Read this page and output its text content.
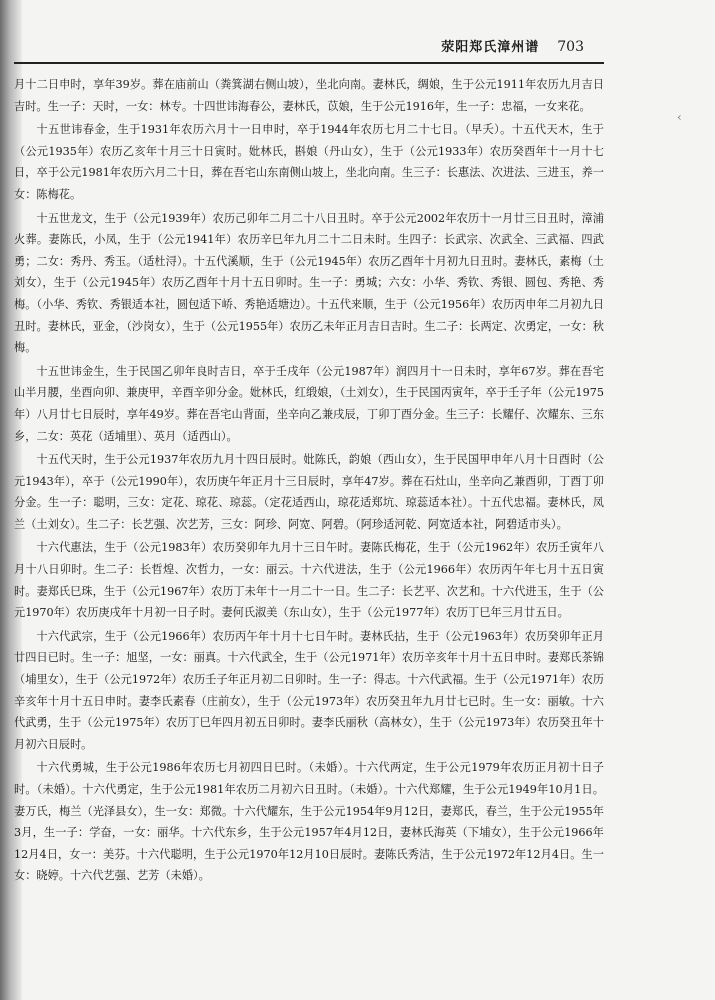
‹
荥阳郑氏漳州谱 703

月十二日申时，享年39岁。葬在庙前山（粪箕湖右侧山坡），坐北向南。妻林氏，绸娘，生于公元1911年农历九月吉日吉时。生一子：天时，一女：林专。十四世讳海春公，妻林氏，苡娘，生于公元1916年，生一子：忠福，一女来花。

十五世讳春金，生于1931年农历六月十一日申时，卒于1944年农历七月二十七日。（早夭）。十五代天木，生于（公元1935年）农历乙亥年十月三十日寅时。妣林氏，斟娘（丹山女），生于（公元1933年）农历癸酉年十一月十七日，卒于公元1981年农历六月二十日，葬在吾宅山东南侧山坡上，坐北向南。生三子：长惠法、次进法、三进玉，养一女：陈梅花。

十五世龙文，生于（公元1939年）农历己卯年二月二十八日丑时。卒于公元2002年农历十一月廿三日丑时，漳浦火葬。妻陈氏，小凤，生于（公元1941年）农历辛巳年九月二十二日未时。生四子：长武宗、次武全、三武福、四武勇；二女：秀丹、秀玉。（适杜浔）。十五代溪顺，生于（公元1945年）农历乙酉年十月初九日丑时。妻林氏，素梅（土刘女），生于（公元1945年）农历乙酉年十月十五日卯时。生一子：勇城；六女：小华、秀钦、秀银、圆包、秀艳、秀梅。（小华、秀钦、秀银适本社，圆包适下峤、秀艳适塘边）。十五代来顺，生于（公元1956年）农历丙申年二月初九日丑时。妻林氏，亚金，（沙岗女），生于（公元1955年）农历乙未年正月吉日吉时。生二子：长两定、次勇定，一女：秋梅。

十五世讳金生，生于民国乙卯年良时吉日，卒于壬戌年（公元1987年）润四月十一日未时，享年67岁。葬在吾宅山半月腰，坐酉向卯、兼庚甲，辛酉辛卯分金。妣林氏，红缎娘，（土刘女），生于民国丙寅年，卒于壬子年（公元1975年）八月廿七日辰时，享年49岁。葬在吾宅山背面，坐辛向乙兼戌辰，丁卯丁酉分金。生三子：长耀仔、次耀东、三东乡，二女：英花（适埔里）、英月（适西山）。

十五代天时，生于公元1937年农历九月十四日辰时。妣陈氏，韵娘（西山女），生于民国甲申年八月十日酉时（公元1943年），卒于（公元1990年），农历庚午年正月十三日辰时，享年47岁。葬在石灶山，坐辛向乙兼酉卯，丁酉丁卯分金。生一子：聪明，三女：定花、琼花、琼蕊。（定花适西山，琼花适郑坑、琼蕊适本社）。十五代忠福。妻林氏，凤兰（土刘女）。生二子：长艺强、次艺芳，三女：阿珍、阿宽、阿碧。（阿珍适河乾、阿宽适本社，阿碧适市头）。

十六代惠法，生于（公元1983年）农历癸卯年九月十三日午时。妻陈氏梅花，生于（公元1962年）农历壬寅年八月十八日卯时。生二子：长哲煌、次哲力，一女：丽云。十六代进法，生于（公元1966年）农历丙午年七月十五日寅时。妻郑氏巳珠，生于（公元1967年）农历丁未年十一月二十一日。生二子：长艺平、次艺和。十六代进玉，生于（公元1970年）农历庚戌年十月初一日子时。妻何氏淑美（东山女），生于（公元1977年）农历丁巳年三月廿五日。

十六代武宗，生于（公元1966年）农历丙午年十月十七日午时。妻林氏拈，生于（公元1963年）农历癸卯年正月廿四日已时。生一子：旭坚，一女：丽真。十六代武全，生于（公元1971年）农历辛亥年十月十五日申时。妻郑氏茶锦（埔里女），生于（公元1972年）农历壬子年正月初二日卯时。生一子：得志。十六代武福。生于（公元1971年）农历辛亥年十月十五日申时。妻李氏素春（庄前女），生于（公元1973年）农历癸丑年九月廿七已时。生一女：丽敏。十六代武勇，生于（公元1975年）农历丁巳年四月初五日卯时。妻李氏丽秋（高林女），生于（公元1973年）农历癸丑年十月初六日辰时。

十六代勇城，生于公元1986年农历七月初四日巳时。（未婚）。十六代两定，生于公元1979年农历正月初十日子时。（未婚）。十六代勇定，生于公元1981年农历二月初六日丑时。（未婚）。十六代郑耀，生于公元1949年10月1日。妻万氏，梅兰（光泽县女），生一女：郑微。十六代耀东，生于公元1954年9月12日，妻郑氏，春兰，生于公元1955年3月，生一子：学奋，一女：丽华。十六代东乡，生于公元1957年4月12日，妻林氏海英（下埔女），生于公元1966年12月4日，女一：美芬。十六代聪明，生于公元1970年12月10日辰时。妻陈氏秀洁，生于公元1972年12月4日。生一女：晓婷。十六代艺强、艺芳（未婚）。
